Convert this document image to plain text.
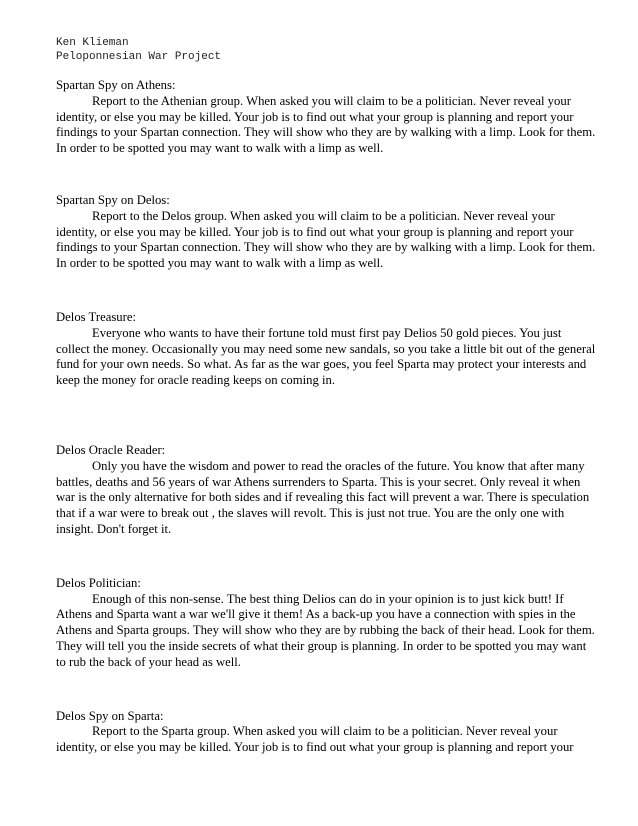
Ken Klieman
Peloponnesian War Project
Spartan Spy on Athens:

Report to the Athenian group. When asked you will claim to be a politician. Never reveal your identity, or else you may be killed. Your job is to find out what your group is planning and report your findings to your Spartan connection. They will show who they are by walking with a limp. Look for them. In order to be spotted you may want to walk with a limp as well.

Spartan Spy on Delos:

Report to the Delos group. When asked you will claim to be a politician. Never reveal your identity, or else you may be killed. Your job is to find out what your group is planning and report your findings to your Spartan connection. They will show who they are by walking with a limp. Look for them. In order to be spotted you may want to walk with a limp as well.

Delos Treasure:

Everyone who wants to have their fortune told must first pay Delios 50 gold pieces. You just collect the money. Occasionally you may need some new sandals, so you take a little bit out of the general fund for your own needs. So what. As far as the war goes, you feel Sparta may protect your interests and keep the money for oracle reading keeps on coming in.

Delos Oracle Reader:

Only you have the wisdom and power to read the oracles of the future. You know that after many battles, deaths and 56 years of war Athens surrenders to Sparta. This is your secret. Only reveal it when war is the only alternative for both sides and if revealing this fact will prevent a war. There is speculation that if a war were to break out , the slaves will revolt. This is just not true. You are the only one with insight. Don't forget it.

Delos Politician:

Enough of this non-sense. The best thing Delios can do in your opinion is to just kick butt! If Athens and Sparta want a war we'll give it them! As a back-up you have a connection with spies in the Athens and Sparta groups. They will show who they are by rubbing the back of their head. Look for them. They will tell you the inside secrets of what their group is planning. In order to be spotted you may want to rub the back of your head as well.

Delos Spy on Sparta:

Report to the Sparta group. When asked you will claim to be a politician. Never reveal your identity, or else you may be killed. Your job is to find out what your group is planning and report your
